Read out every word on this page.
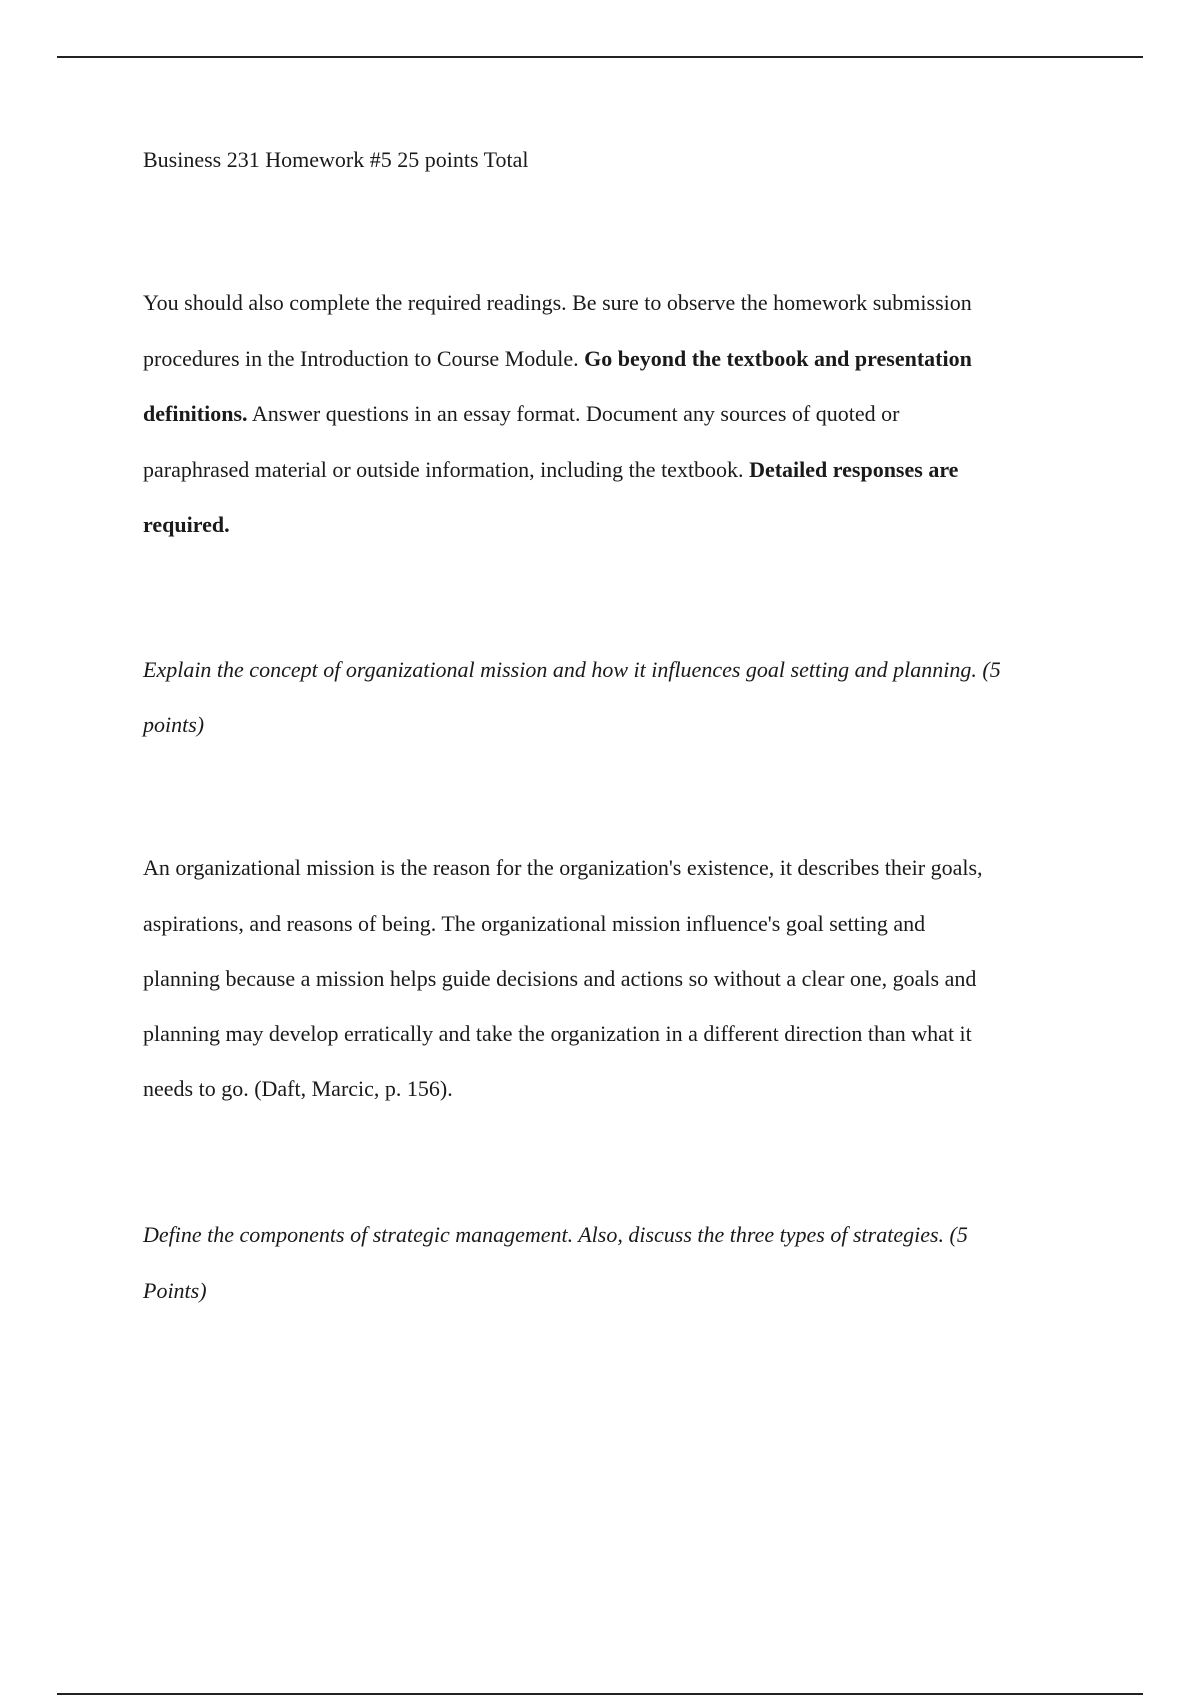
Business 231 Homework #5 25 points Total
You should also complete the required readings. Be sure to observe the homework submission
procedures in the Introduction to Course Module. Go beyond the textbook and presentation
definitions. Answer questions in an essay format. Document any sources of quoted or
paraphrased material or outside information, including the textbook. Detailed responses are
required.
Explain the concept of organizational mission and how it influences goal setting and planning. (5
points)
An organizational mission is the reason for the organization's existence, it describes their goals,
aspirations, and reasons of being. The organizational mission influence's goal setting and
planning because a mission helps guide decisions and actions so without a clear one, goals and
planning may develop erratically and take the organization in a different direction than what it
needs to go. (Daft, Marcic, p. 156).
Define the components of strategic management. Also, discuss the three types of strategies. (5
Points)
